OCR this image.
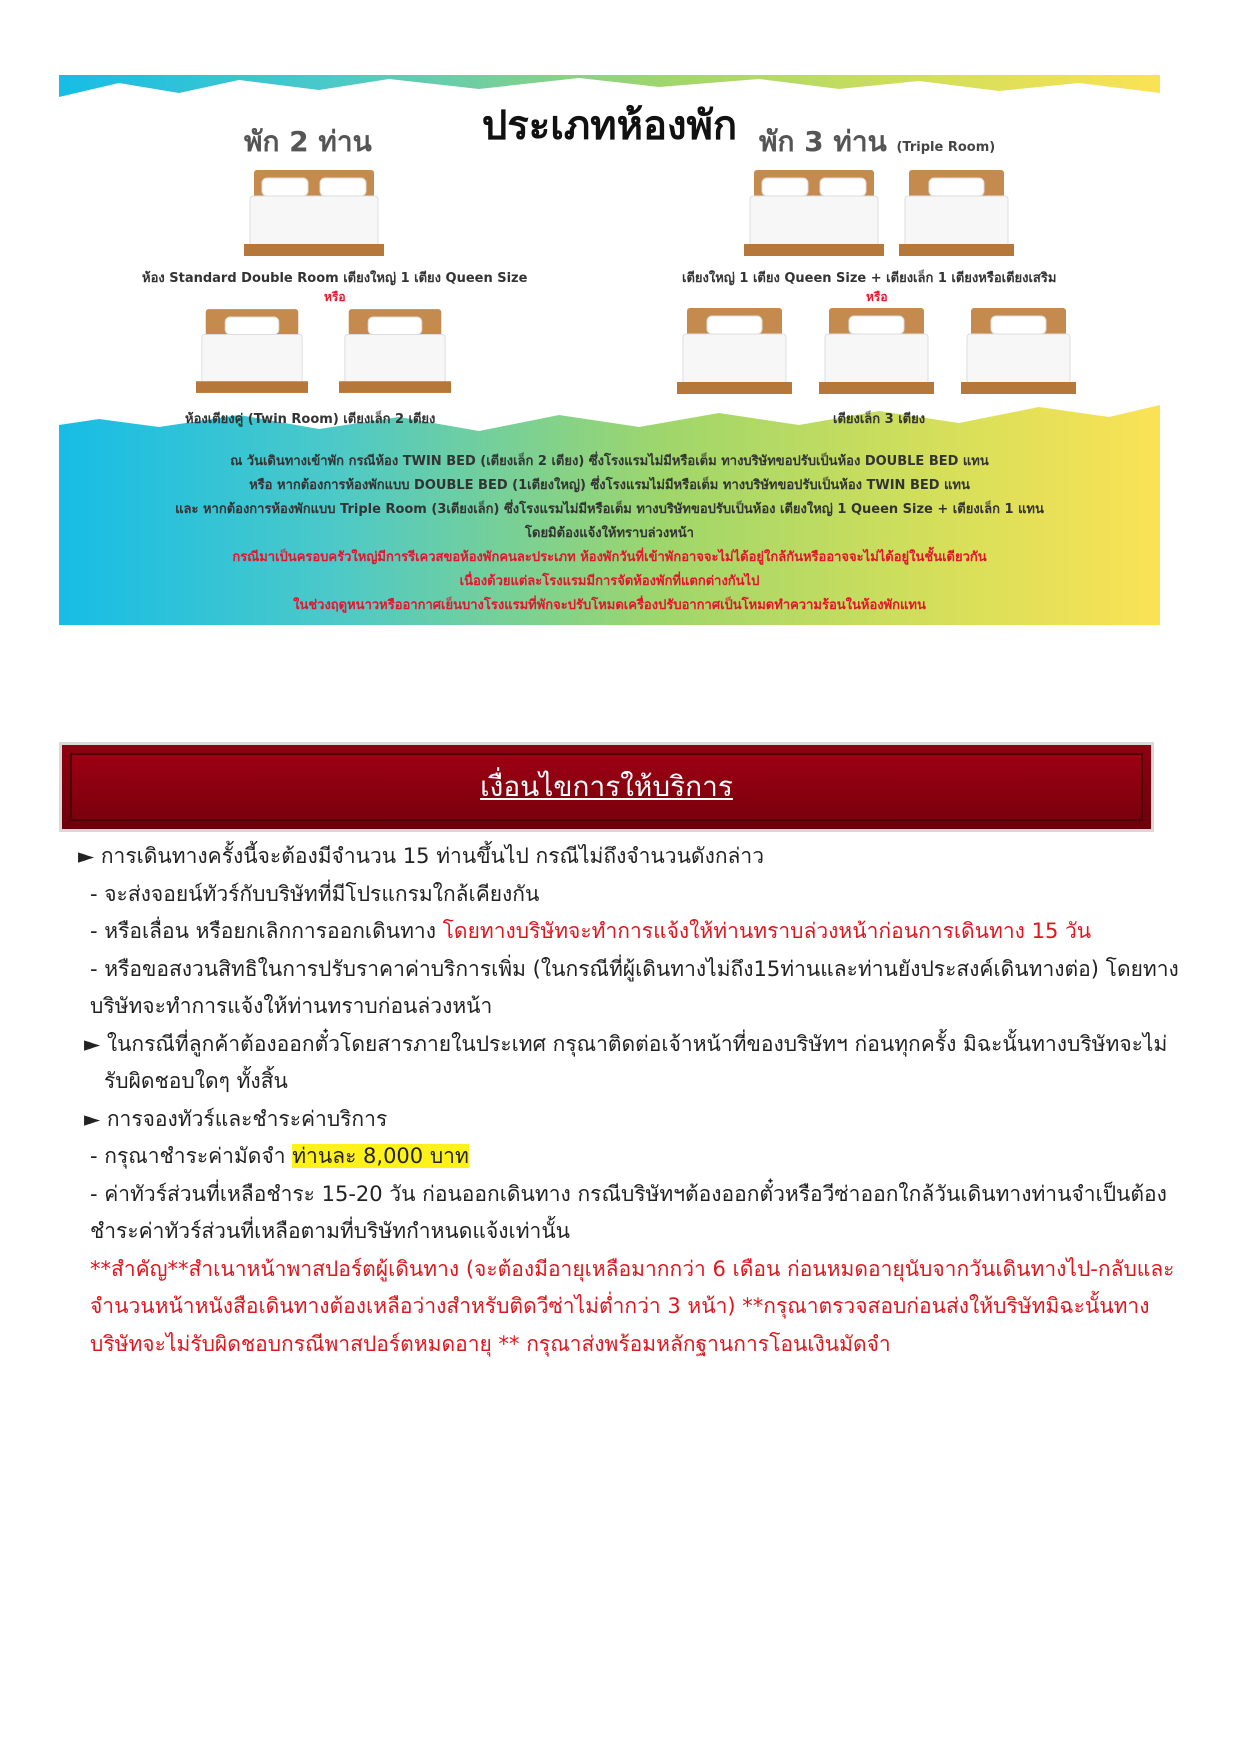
ประเภทห้องพัก
พัก 2 ท่าน	พัก 3 ท่าน (Triple Room)
ห้อง Standard Double Room เตียงใหญ่ 1 เตียง Queen Size
หรือ
เตียงใหญ่ 1 เตียง Queen Size + เตียงเล็ก 1 เตียงหรือเตียงเสริม
หรือ
ห้องเตียงคู่ (Twin Room) เตียงเล็ก 2 เตียง	เตียงเล็ก 3 เตียง
ณ วันเดินทางเข้าพัก กรณีห้อง TWIN BED (เตียงเล็ก 2 เตียง) ซึ่งโรงแรมไม่มีหรือเต็ม ทางบริษัทขอปรับเป็นห้อง DOUBLE BED แทน
หรือ หากต้องการห้องพักแบบ DOUBLE BED (1เตียงใหญ่) ซึ่งโรงแรมไม่มีหรือเต็ม ทางบริษัทขอปรับเป็นห้อง TWIN BED แทน
และ หากต้องการห้องพักแบบ Triple Room (3เตียงเล็ก) ซึ่งโรงแรมไม่มีหรือเต็ม ทางบริษัทขอปรับเป็นห้อง เตียงใหญ่ 1 Queen Size + เตียงเล็ก 1 แทน
โดยมิต้องแจ้งให้ทราบล่วงหน้า
กรณีมาเป็นครอบครัวใหญ่มีการรีเควสขอห้องพักคนละประเภท ห้องพักวันที่เข้าพักอาจจะไม่ได้อยู่ใกล้กันหรืออาจจะไม่ได้อยู่ในชั้นเดียวกัน
เนื่องด้วยแต่ละโรงแรมมีการจัดห้องพักที่แตกต่างกันไป
ในช่วงฤดูหนาวหรืออากาศเย็นบางโรงแรมที่พักจะปรับโหมดเครื่องปรับอากาศเป็นโหมดทำความร้อนในห้องพักแทน
เงื่อนไขการให้บริการ
► การเดินทางครั้งนี้จะต้องมีจำนวน 15 ท่านขึ้นไป กรณีไม่ถึงจำนวนดังกล่าว
- จะส่งจอยน์ทัวร์กับบริษัทที่มีโปรแกรมใกล้เคียงกัน
- หรือเลื่อน หรือยกเลิกการออกเดินทาง โดยทางบริษัทจะทำการแจ้งให้ท่านทราบล่วงหน้าก่อนการเดินทาง 15 วัน
- หรือขอสงวนสิทธิในการปรับราคาค่าบริการเพิ่ม (ในกรณีที่ผู้เดินทางไม่ถึง15ท่านและท่านยังประสงค์เดินทางต่อ) โดยทาง
บริษัทจะทำการแจ้งให้ท่านทราบก่อนล่วงหน้า
► ในกรณีที่ลูกค้าต้องออกตั๋วโดยสารภายในประเทศ กรุณาติดต่อเจ้าหน้าที่ของบริษัทฯ ก่อนทุกครั้ง มิฉะนั้นทางบริษัทจะไม่
รับผิดชอบใดๆ ทั้งสิ้น
► การจองทัวร์และชำระค่าบริการ
- กรุณาชำระค่ามัดจำ ท่านละ 8,000 บาท
- ค่าทัวร์ส่วนที่เหลือชำระ 15-20 วัน ก่อนออกเดินทาง กรณีบริษัทฯต้องออกตั๋วหรือวีซ่าออกใกล้วันเดินทางท่านจำเป็นต้อง
ชำระค่าทัวร์ส่วนที่เหลือตามที่บริษัทกำหนดแจ้งเท่านั้น
**สำคัญ**สำเนาหน้าพาสปอร์ตผู้เดินทาง (จะต้องมีอายุเหลือมากกว่า 6 เดือน ก่อนหมดอายุนับจากวันเดินทางไป-กลับและ
จำนวนหน้าหนังสือเดินทางต้องเหลือว่างสำหรับติดวีซ่าไม่ต่ำกว่า 3 หน้า) **กรุณาตรวจสอบก่อนส่งให้บริษัทมิฉะนั้นทาง
บริษัทจะไม่รับผิดชอบกรณีพาสปอร์ตหมดอายุ ** กรุณาส่งพร้อมหลักฐานการโอนเงินมัดจำ
